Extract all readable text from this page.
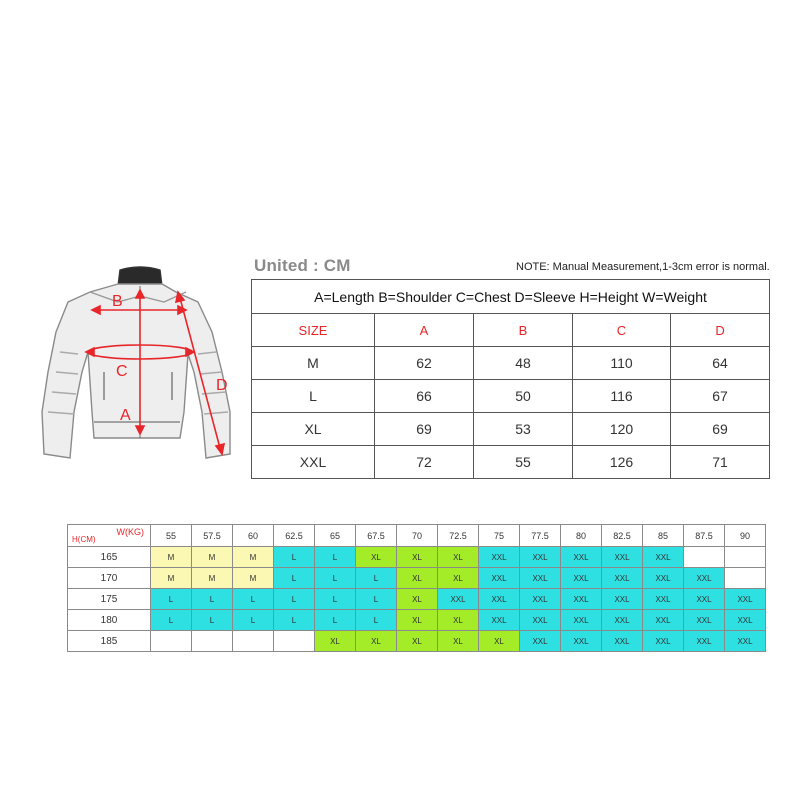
B
C
A
D
United : CM	NOTE: Manual Measurement,1-3cm error is normal.
A=Length B=Shoulder C=Chest D=Sleeve H=Height W=Weight				
SIZE	A	B	C	D
M	62	48	110	64
L	66	50	116	67
XL	69	53	120	69
XXL	72	55	126	71
W(KG)
H(CM)	55	57.5	60	62.5	65	67.5	70	72.5	75	77.5	80	82.5	85	87.5	90
165	M	M	M	L	L	XL	XL	XL	XXL	XXL	XXL	XXL	XXL		
170	M	M	M	L	L	L	XL	XL	XXL	XXL	XXL	XXL	XXL	XXL	
175	L	L	L	L	L	L	XL	XXL	XXL	XXL	XXL	XXL	XXL	XXL	XXL
180	L	L	L	L	L	L	XL	XL	XXL	XXL	XXL	XXL	XXL	XXL	XXL
185					XL	XL	XL	XL	XL	XXL	XXL	XXL	XXL	XXL	XXL
